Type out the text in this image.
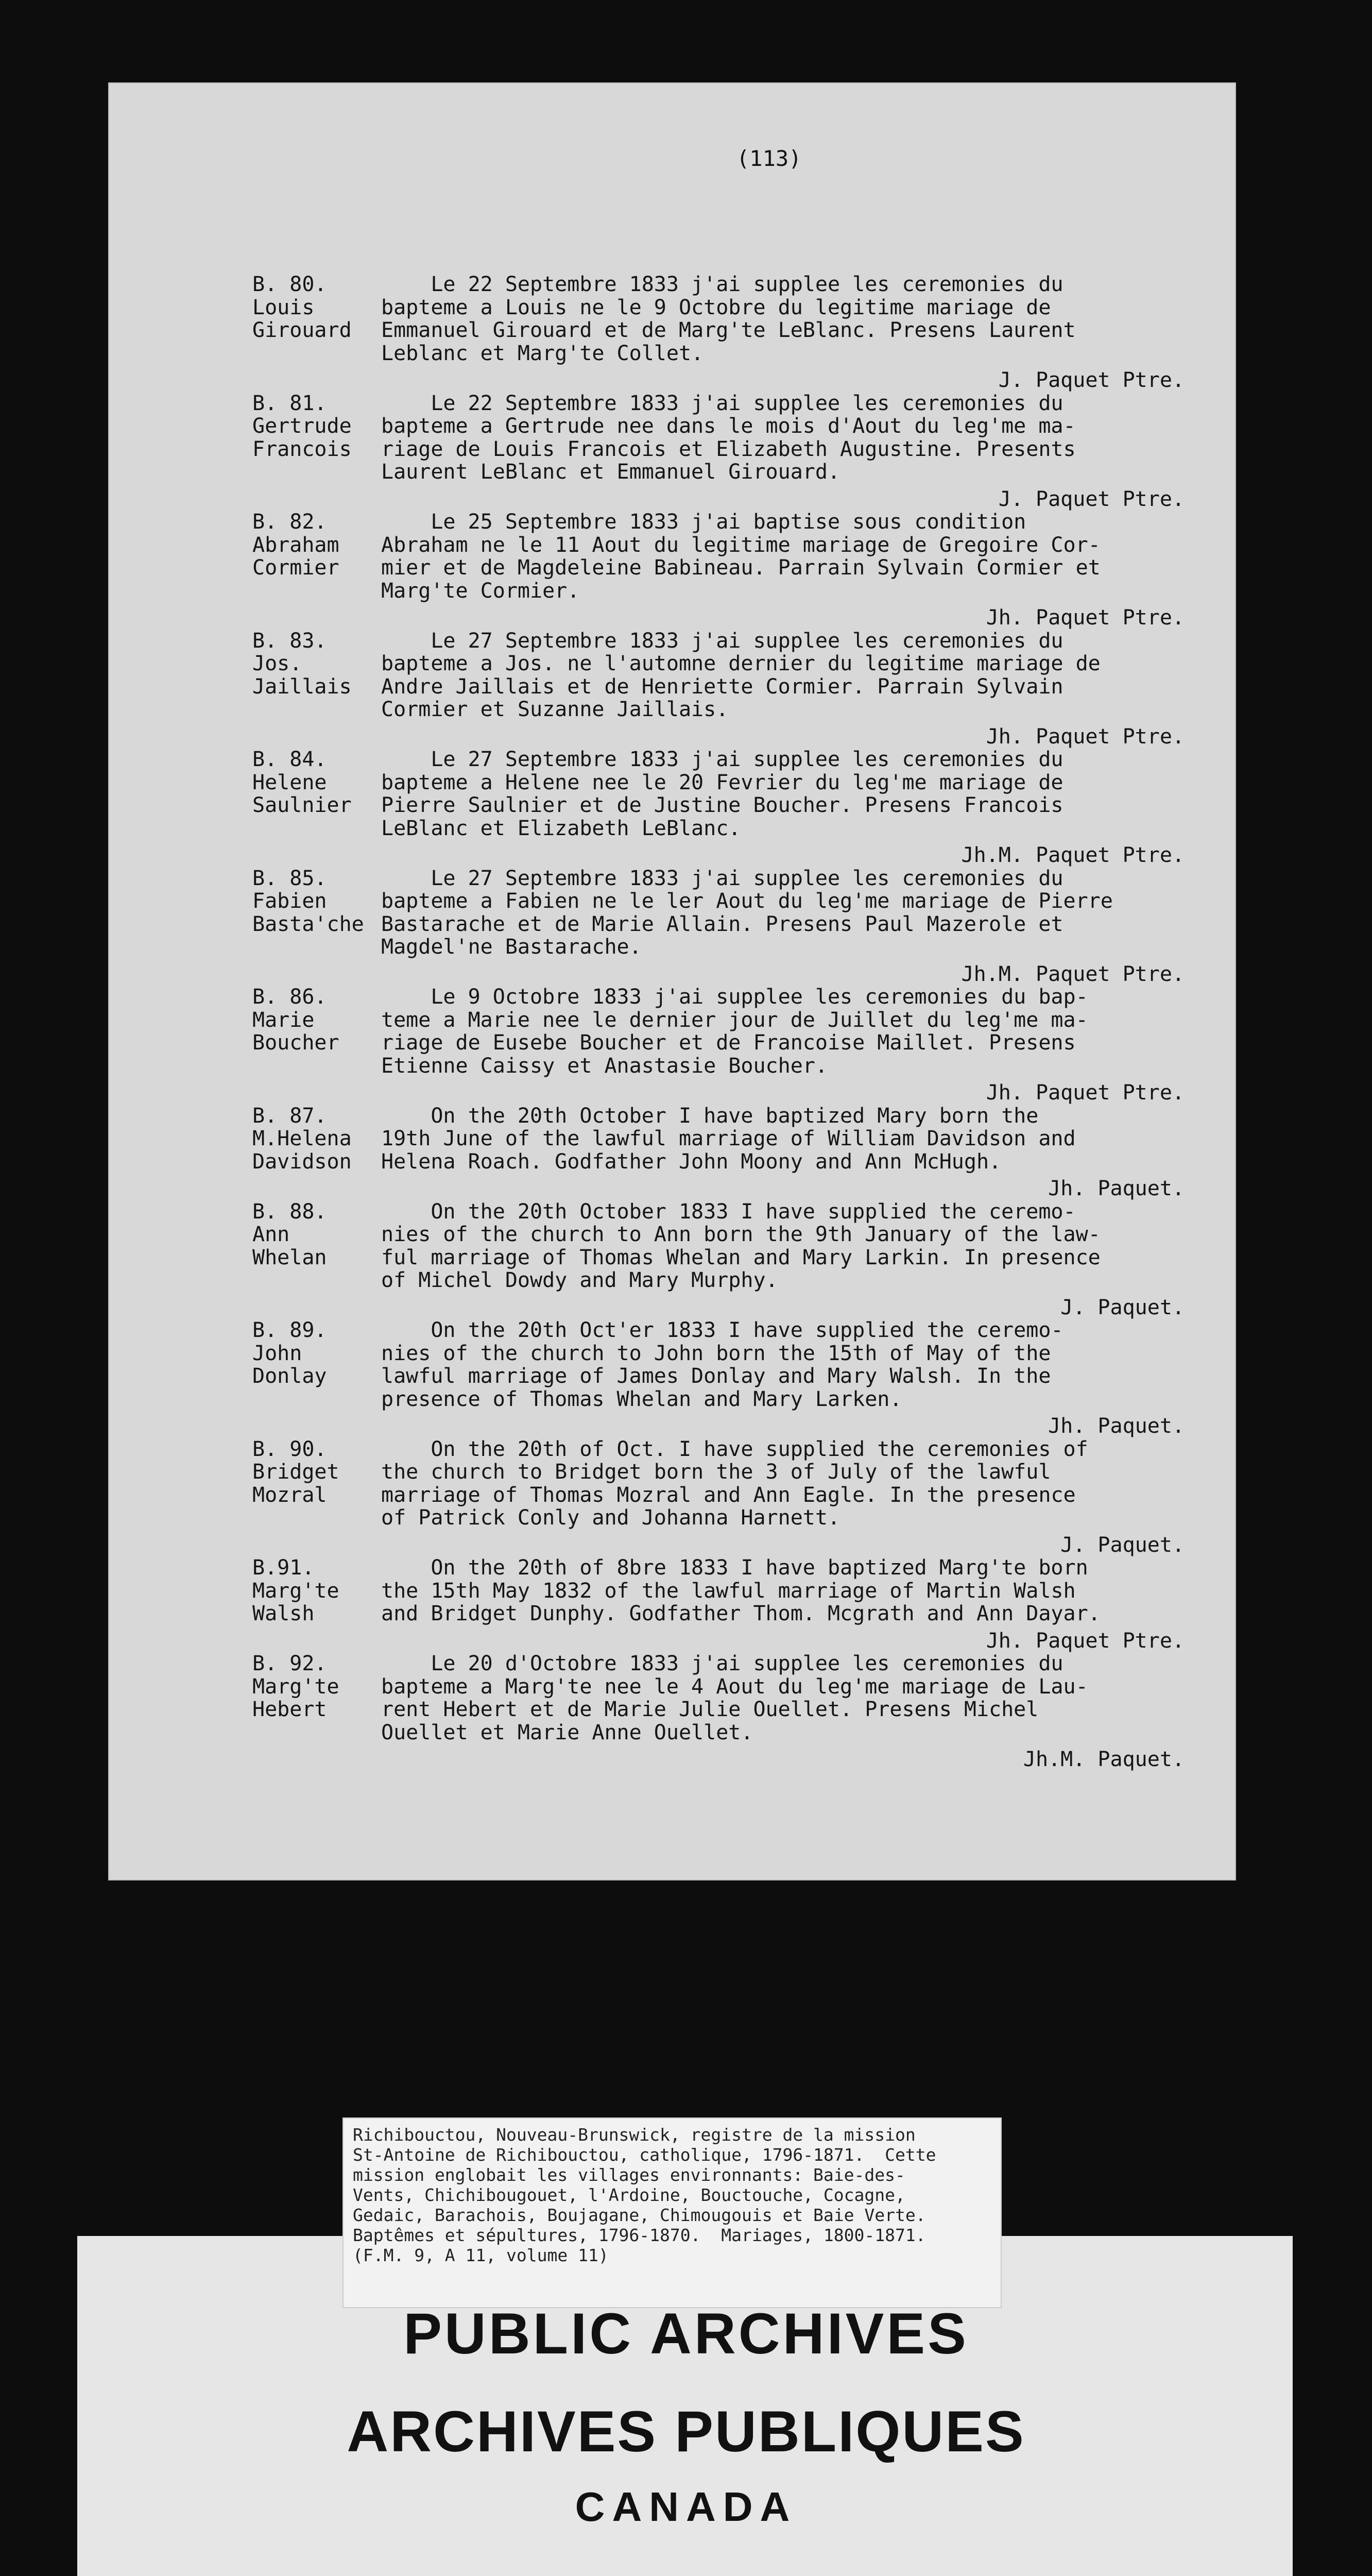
(113)
B. 80.
Louis
Girouard
Le 22 Septembre 1833 j'ai supplee les ceremonies du
bapteme a Louis ne le 9 Octobre du legitime mariage de
Emmanuel Girouard et de Marg'te LeBlanc. Presens Laurent
Leblanc et Marg'te Collet.
J. Paquet Ptre.
B. 81.
Gertrude
Francois
Le 22 Septembre 1833 j'ai supplee les ceremonies du
bapteme a Gertrude nee dans le mois d'Aout du leg'me ma-
riage de Louis Francois et Elizabeth Augustine. Presents
Laurent LeBlanc et Emmanuel Girouard.
J. Paquet Ptre.
B. 82.
Abraham
Cormier
Le 25 Septembre 1833 j'ai baptise sous condition
Abraham ne le 11 Aout du legitime mariage de Gregoire Cor-
mier et de Magdeleine Babineau. Parrain Sylvain Cormier et
Marg'te Cormier.
Jh. Paquet Ptre.
B. 83.
Jos.
Jaillais
Le 27 Septembre 1833 j'ai supplee les ceremonies du
bapteme a Jos. ne l'automne dernier du legitime mariage de
Andre Jaillais et de Henriette Cormier. Parrain Sylvain
Cormier et Suzanne Jaillais.
Jh. Paquet Ptre.
B. 84.
Helene
Saulnier
Le 27 Septembre 1833 j'ai supplee les ceremonies du
bapteme a Helene nee le 20 Fevrier du leg'me mariage de
Pierre Saulnier et de Justine Boucher. Presens Francois
LeBlanc et Elizabeth LeBlanc.
Jh.M. Paquet Ptre.
B. 85.
Fabien
Basta'che
Le 27 Septembre 1833 j'ai supplee les ceremonies du
bapteme a Fabien ne le ler Aout du leg'me mariage de Pierre
Bastarache et de Marie Allain. Presens Paul Mazerole et
Magdel'ne Bastarache.
Jh.M. Paquet Ptre.
B. 86.
Marie
Boucher
Le 9 Octobre 1833 j'ai supplee les ceremonies du bap-
teme a Marie nee le dernier jour de Juillet du leg'me ma-
riage de Eusebe Boucher et de Francoise Maillet. Presens
Etienne Caissy et Anastasie Boucher.
Jh. Paquet Ptre.
B. 87.
M.Helena
Davidson
On the 20th October I have baptized Mary born the
19th June of the lawful marriage of William Davidson and
Helena Roach. Godfather John Moony and Ann McHugh.
Jh. Paquet.
B. 88.
Ann
Whelan
On the 20th October 1833 I have supplied the ceremo-
nies of the church to Ann born the 9th January of the law-
ful marriage of Thomas Whelan and Mary Larkin. In presence
of Michel Dowdy and Mary Murphy.
J. Paquet.
B. 89.
John
Donlay
On the 20th Oct'er 1833 I have supplied the ceremo-
nies of the church to John born the 15th of May of the
lawful marriage of James Donlay and Mary Walsh. In the
presence of Thomas Whelan and Mary Larken.
Jh. Paquet.
B. 90.
Bridget
Mozral
On the 20th of Oct. I have supplied the ceremonies of
the church to Bridget born the 3 of July of the lawful
marriage of Thomas Mozral and Ann Eagle. In the presence
of Patrick Conly and Johanna Harnett.
J. Paquet.
B.91.
Marg'te
Walsh
On the 20th of 8bre 1833 I have baptized Marg'te born
the 15th May 1832 of the lawful marriage of Martin Walsh
and Bridget Dunphy. Godfather Thom. Mcgrath and Ann Dayar.
Jh. Paquet Ptre.
B. 92.
Marg'te
Hebert
Le 20 d'Octobre 1833 j'ai supplee les ceremonies du
bapteme a Marg'te nee le 4 Aout du leg'me mariage de Lau-
rent Hebert et de Marie Julie Ouellet. Presens Michel
Ouellet et Marie Anne Ouellet.
Jh.M. Paquet.
Richibouctou, Nouveau-Brunswick, registre de la mission
St-Antoine de Richibouctou, catholique, 1796-1871.  Cette
mission englobait les villages environnants: Baie-des-
Vents, Chichibougouet, l'Ardoine, Bouctouche, Cocagne,
Gedaic, Barachois, Boujagane, Chimougouis et Baie Verte.
Baptêmes et sépultures, 1796-1870.  Mariages, 1800-1871.
(F.M. 9, A 11, volume 11)
PUBLIC ARCHIVES
ARCHIVES PUBLIQUES
CANADA
